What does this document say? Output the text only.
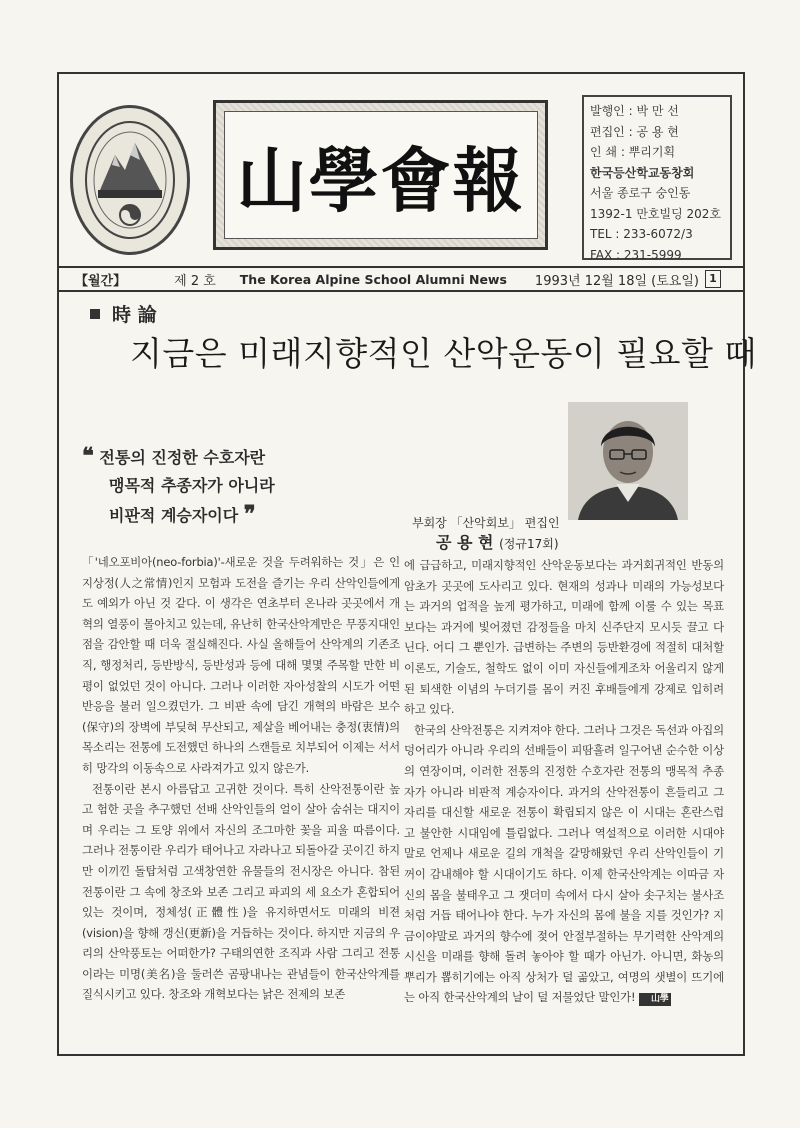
山學會報
발행인 : 박 만 선
편집인 : 공 용 현
인 쇄 : 뿌리기획
한국등산학교동창회
서울 종로구 숭인동
1392-1 만호빌딩 202호
TEL : 233-6072/3
FAX : 231-5999
【월간】	제 2 호 The Korea Alpine School Alumni News 1993년 12월 18일 (토요일) 1
時 論
지금은 미래지향적인 산악운동이 필요할 때
❝ 전통의 진정한 수호자란
맹목적 추종자가 아니라
비판적 계승자이다 ❞	부회장 「산악회보」 편집인
공 용 현 (정규17회)

「'네오포비아(neo-forbia)'-새로운 것을 두려워하는 것」은 인지상정(人之常情)인지 모험과 도전을 즐기는 우리 산악인들에게도 예외가 아닌 것 같다. 이 생각은 연초부터 온나라 곳곳에서 개혁의 열풍이 몰아치고 있는데, 유난히 한국산악계만은 무풍지대인 점을 감안할 때 더욱 절실해진다. 사실 올해들어 산악계의 기존조직, 행정처리, 등반방식, 등반성과 등에 대해 몇몇 주목할 만한 비평이 없었던 것이 아니다. 그러나 이러한 자아성찰의 시도가 어떤 반응을 불러 일으켰던가. 그 비판 속에 담긴 개혁의 바람은 보수(保守)의 장벽에 부딪혀 무산되고, 제살을 베어내는 충정(衷情)의 목소리는 전통에 도전했던 하나의 스캔들로 치부되어 이제는 서서히 망각의 이동속으로 사라져가고 있지 않은가.

전통이란 본시 아름답고 고귀한 것이다. 특히 산악전통이란 높고 험한 곳을 추구했던 선배 산악인들의 얼이 살아 숨쉬는 대지이며 우리는 그 토양 위에서 자신의 조그마한 꽃을 피울 따름이다. 그러나 전통이란 우리가 태어나고 자라나고 되돌아갈 곳이긴 하지만 이끼낀 돌탑처럼 고색창연한 유물들의 전시장은 아니다. 참된 전통이란 그 속에 창조와 보존 그리고 파괴의 세 요소가 혼합되어 있는 것이며, 정체성(正體性)을 유지하면서도 미래의 비젼(vision)을 향해 갱신(更新)을 거듭하는 것이다. 하지만 지금의 우리의 산악풍토는 어떠한가? 구태의연한 조직과 사람 그리고 전통이라는 미명(美名)을 둘러쓴 곰팡내나는 관념들이 한국산악계를 질식시키고 있다. 창조와 개혁보다는 낡은 전제의 보존

에 급급하고, 미래지향적인 산악운동보다는 과거회귀적인 반동의 암초가 곳곳에 도사리고 있다. 현재의 성과나 미래의 가능성보다는 과거의 업적을 높게 평가하고, 미래에 함께 이룰 수 있는 목표보다는 과거에 빛어졌던 감정들을 마치 신주단지 모시듯 끌고 다닌다. 어디 그 뿐인가. 급변하는 주변의 등반환경에 적절히 대처할 이론도, 기술도, 철학도 없이 이미 자신들에게조차 어울리지 않게 된 퇴색한 이념의 누더기를 몸이 커진 후배들에게 강제로 입히려 하고 있다.

한국의 산악전통은 지켜져야 한다. 그러나 그것은 독선과 아집의 덩어리가 아니라 우리의 선배들이 피땀흘려 일구어낸 순수한 이상의 연장이며, 이러한 전통의 진정한 수호자란 전통의 맹목적 추종자가 아니라 비판적 계승자이다. 과거의 산악전통이 흔들리고 그 자리를 대신할 새로운 전통이 확립되지 않은 이 시대는 혼란스럽고 불안한 시대임에 틀림없다. 그러나 역설적으로 이러한 시대야 말로 언제나 새로운 길의 개척을 갈망해왔던 우리 산악인들이 기꺼이 감내해야 할 시대이기도 하다. 이제 한국산악계는 이따금 자신의 몸을 불태우고 그 잿더미 속에서 다시 살아 솟구치는 불사조처럼 거듭 태어나야 한다. 누가 자신의 몸에 불을 지를 것인가? 지금이야말로 과거의 향수에 젖어 안절부절하는 무기력한 산악계의 시신을 미래를 향해 돌려 놓아야 할 때가 아닌가. 아니면, 화농의 뿌리가 뽑히기에는 아직 상처가 덜 곪았고, 여명의 샛별이 뜨기에는 아직 한국산악계의 날이 덜 저물었단 말인가! 山學
